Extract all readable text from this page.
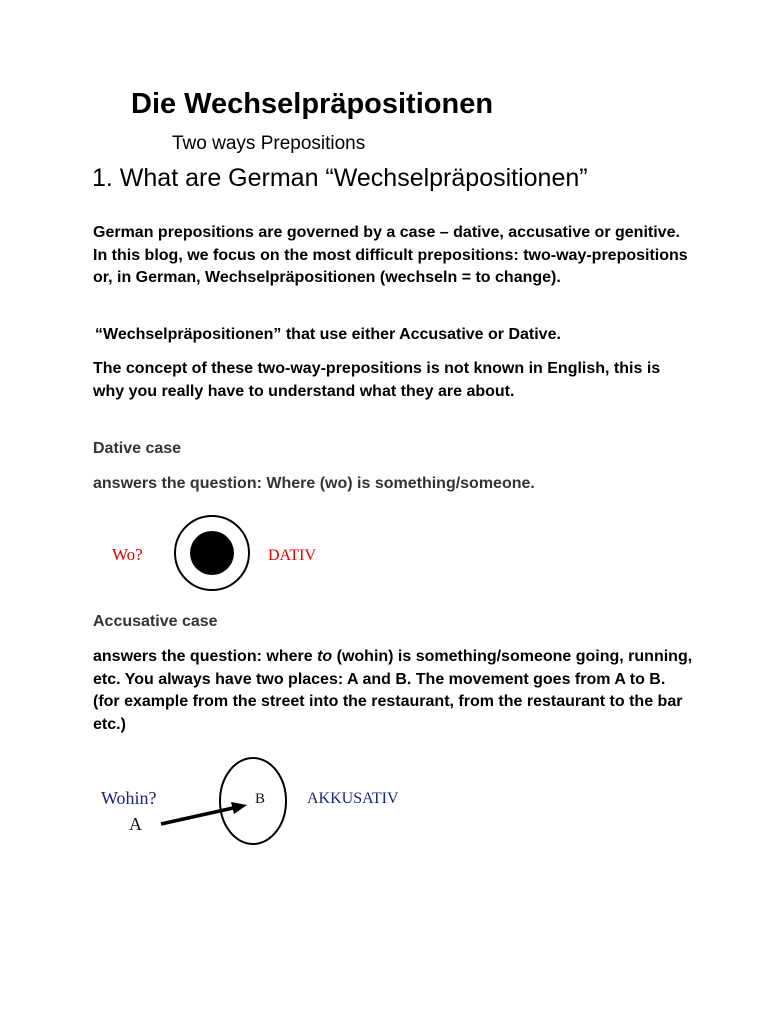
Die Wechselpräpositionen
Two ways Prepositions
1. What are German “Wechselpräpositionen”

German prepositions are governed by a case – dative, accusative or genitive. In this blog, we focus on the most difficult prepositions: two-way-prepositions or, in German, Wechselpräpositionen (wechseln = to change).

“Wechselpräpositionen” that use either Accusative or Dative.

The concept of these two-way-prepositions is not known in English, this is why you really have to understand what they are about.

Dative case

answers the question: Where (wo) is something/someone.

Wo?	DATIV

Accusative case

answers the question: where to (wohin) is something/someone going, running, etc. You always have two places: A and B. The movement goes from A to B. (for example from the street into the restaurant, from the restaurant to the bar etc.)

Wohin?
A
B	AKKUSATIV
